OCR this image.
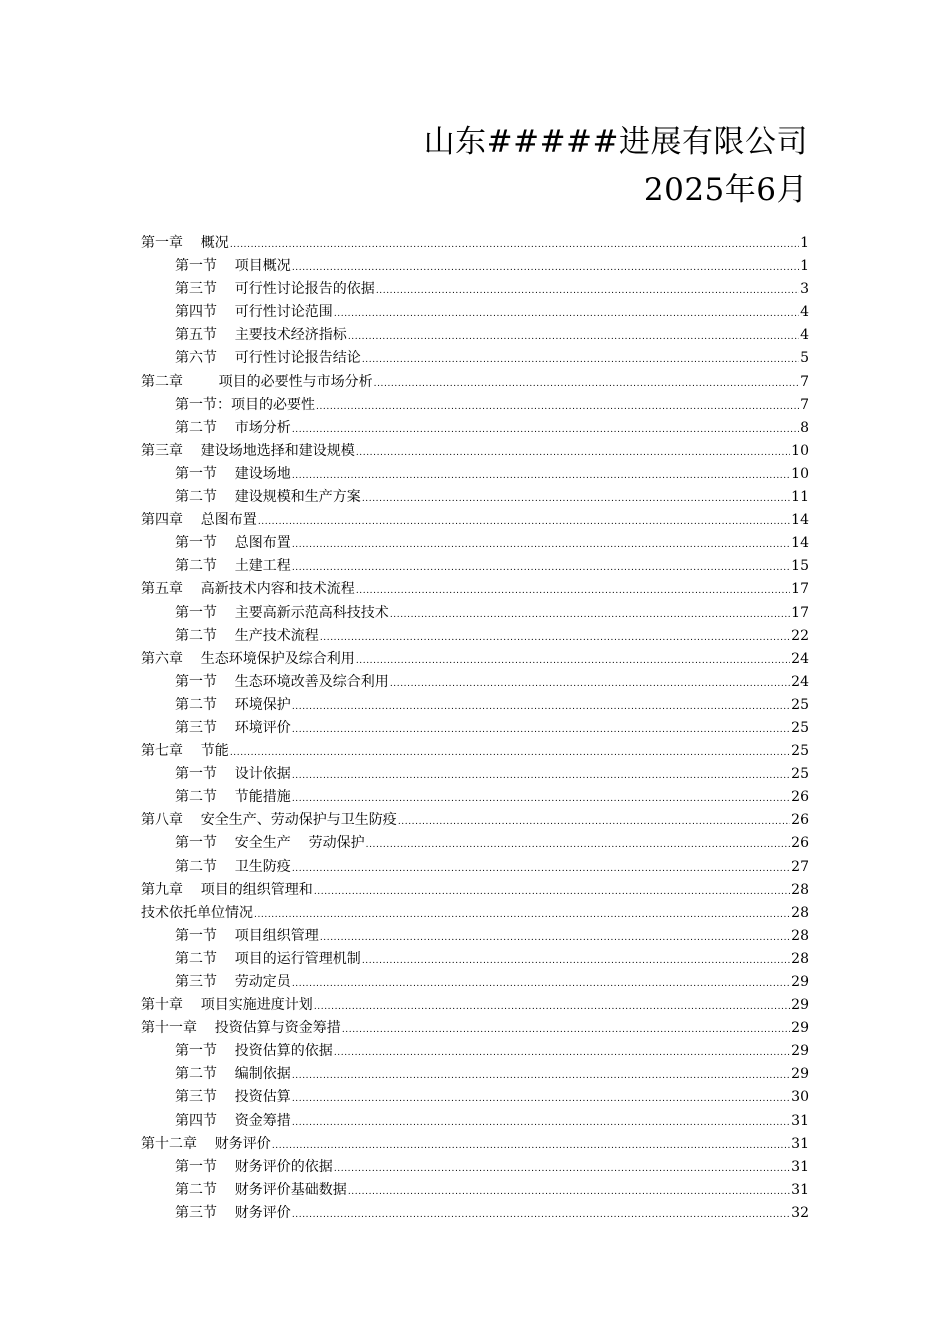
山东#####进展有限公司
2025年6月
第一章    概况 .....	1
第一节    项目概况 .....	1
第三节    可行性讨论报告的依据 .....	3
第四节    可行性讨论范围 .....	4
第五节    主要技术经济指标 .....	4
第六节    可行性讨论报告结论 .....	5
第二章        项目的必要性与市场分析 .....	7
第一节：项目的必要性 .....	7
第二节    市场分析 .....	8
第三章    建设场地选择和建设规模 .....	10
第一节    建设场地 .....	10
第二节    建设规模和生产方案 .....	11
第四章    总图布置 .....	14
第一节    总图布置 .....	14
第二节    土建工程 .....	15
第五章    高新技术内容和技术流程 .....	17
第一节    主要高新示范高科技技术 .....	17
第二节    生产技术流程 .....	22
第六章    生态环境保护及综合利用 .....	24
第一节    生态环境改善及综合利用 .....	24
第二节    环境保护 .....	25
第三节    环境评价 .....	25
第七章    节能 .....	25
第一节    设计依据 .....	25
第二节    节能措施 .....	26
第八章    安全生产、劳动保护与卫生防疫 .....	26
第一节    安全生产    劳动保护 .....	26
第二节    卫生防疫 .....	27
第九章    项目的组织管理和 .....	28
技术依托单位情况 .....	28
第一节    项目组织管理 .....	28
第二节    项目的运行管理机制 .....	28
第三节    劳动定员 .....	29
第十章    项目实施进度计划 .....	29
第十一章    投资估算与资金筹措 .....	29
第一节    投资估算的依据 .....	29
第二节    编制依据 .....	29
第三节    投资估算 .....	30
第四节    资金筹措 .....	31
第十二章    财务评价 .....	31
第一节    财务评价的依据 .....	31
第二节    财务评价基础数据 .....	31
第三节    财务评价 .....	32
